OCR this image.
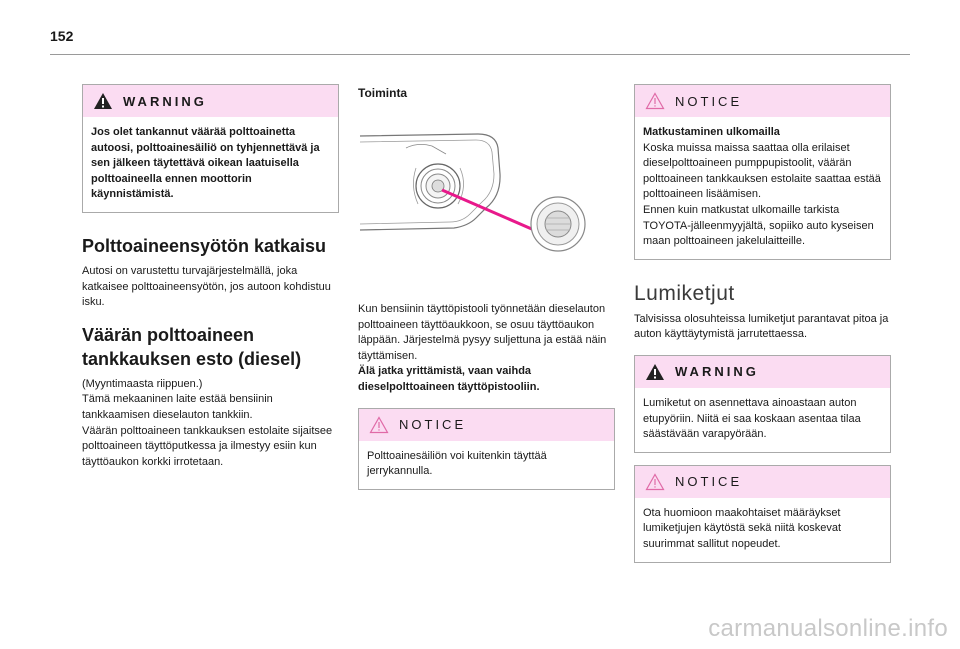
152
WARNING
Jos olet tankannut väärää polttoainetta autoosi, polttoainesäiliö on tyhjennettävä ja sen jälkeen täytettävä oikean laatuisella polttoaineella ennen moottorin käynnistämistä.
Polttoaineensyötön katkaisu

Autosi on varustettu turvajärjestelmällä, joka katkaisee polttoaineensyötön, jos autoon kohdistuu isku.

Väärän polttoaineen
tankkauksen esto (diesel)

(Myyntimaasta riippuen.)

Tämä mekaaninen laite estää bensiinin tankkaamisen dieselauton tankkiin.

Väärän polttoaineen tankkauksen estolaite sijaitsee polttoaineen täyttöputkessa ja ilmestyy esiin kun täyttöaukon korkki irrotetaan.

Toiminta

Kun bensiinin täyttöpistooli työnnetään dieselauton polttoaineen täyttöaukkoon, se osuu täyttöaukon läppään. Järjestelmä pysyy suljettuna ja estää näin täyttämisen.

Älä jatka yrittämistä, vaan vaihda dieselpolttoaineen täyttöpistooliin.

NOTICE
Polttoainesäiliön voi kuitenkin täyttää jerrykannulla.
NOTICE
Matkustaminen ulkomailla
Koska muissa maissa saattaa olla erilaiset dieselpolttoaineen pumppupistoolit, väärän polttoaineen tankkauksen estolaite saattaa estää polttoaineen lisäämisen.
Ennen kuin matkustat ulkomaille tarkista TOYOTA-jälleenmyyjältä, sopiiko auto kyseisen maan polttoaineen jakelulaitteille.
Lumiketjut

Talvisissa olosuhteissa lumiketjut parantavat pitoa ja auton käyttäytymistä jarrutettaessa.

WARNING
Lumiketut on asennettava ainoastaan auton etupyöriin. Niitä ei saa koskaan asentaa tilaa säästävään varapyörään.
NOTICE
Ota huomioon maakohtaiset määräykset lumiketjujen käytöstä sekä niitä koskevat suurimmat sallitut nopeudet.
carmanualsonline.info
